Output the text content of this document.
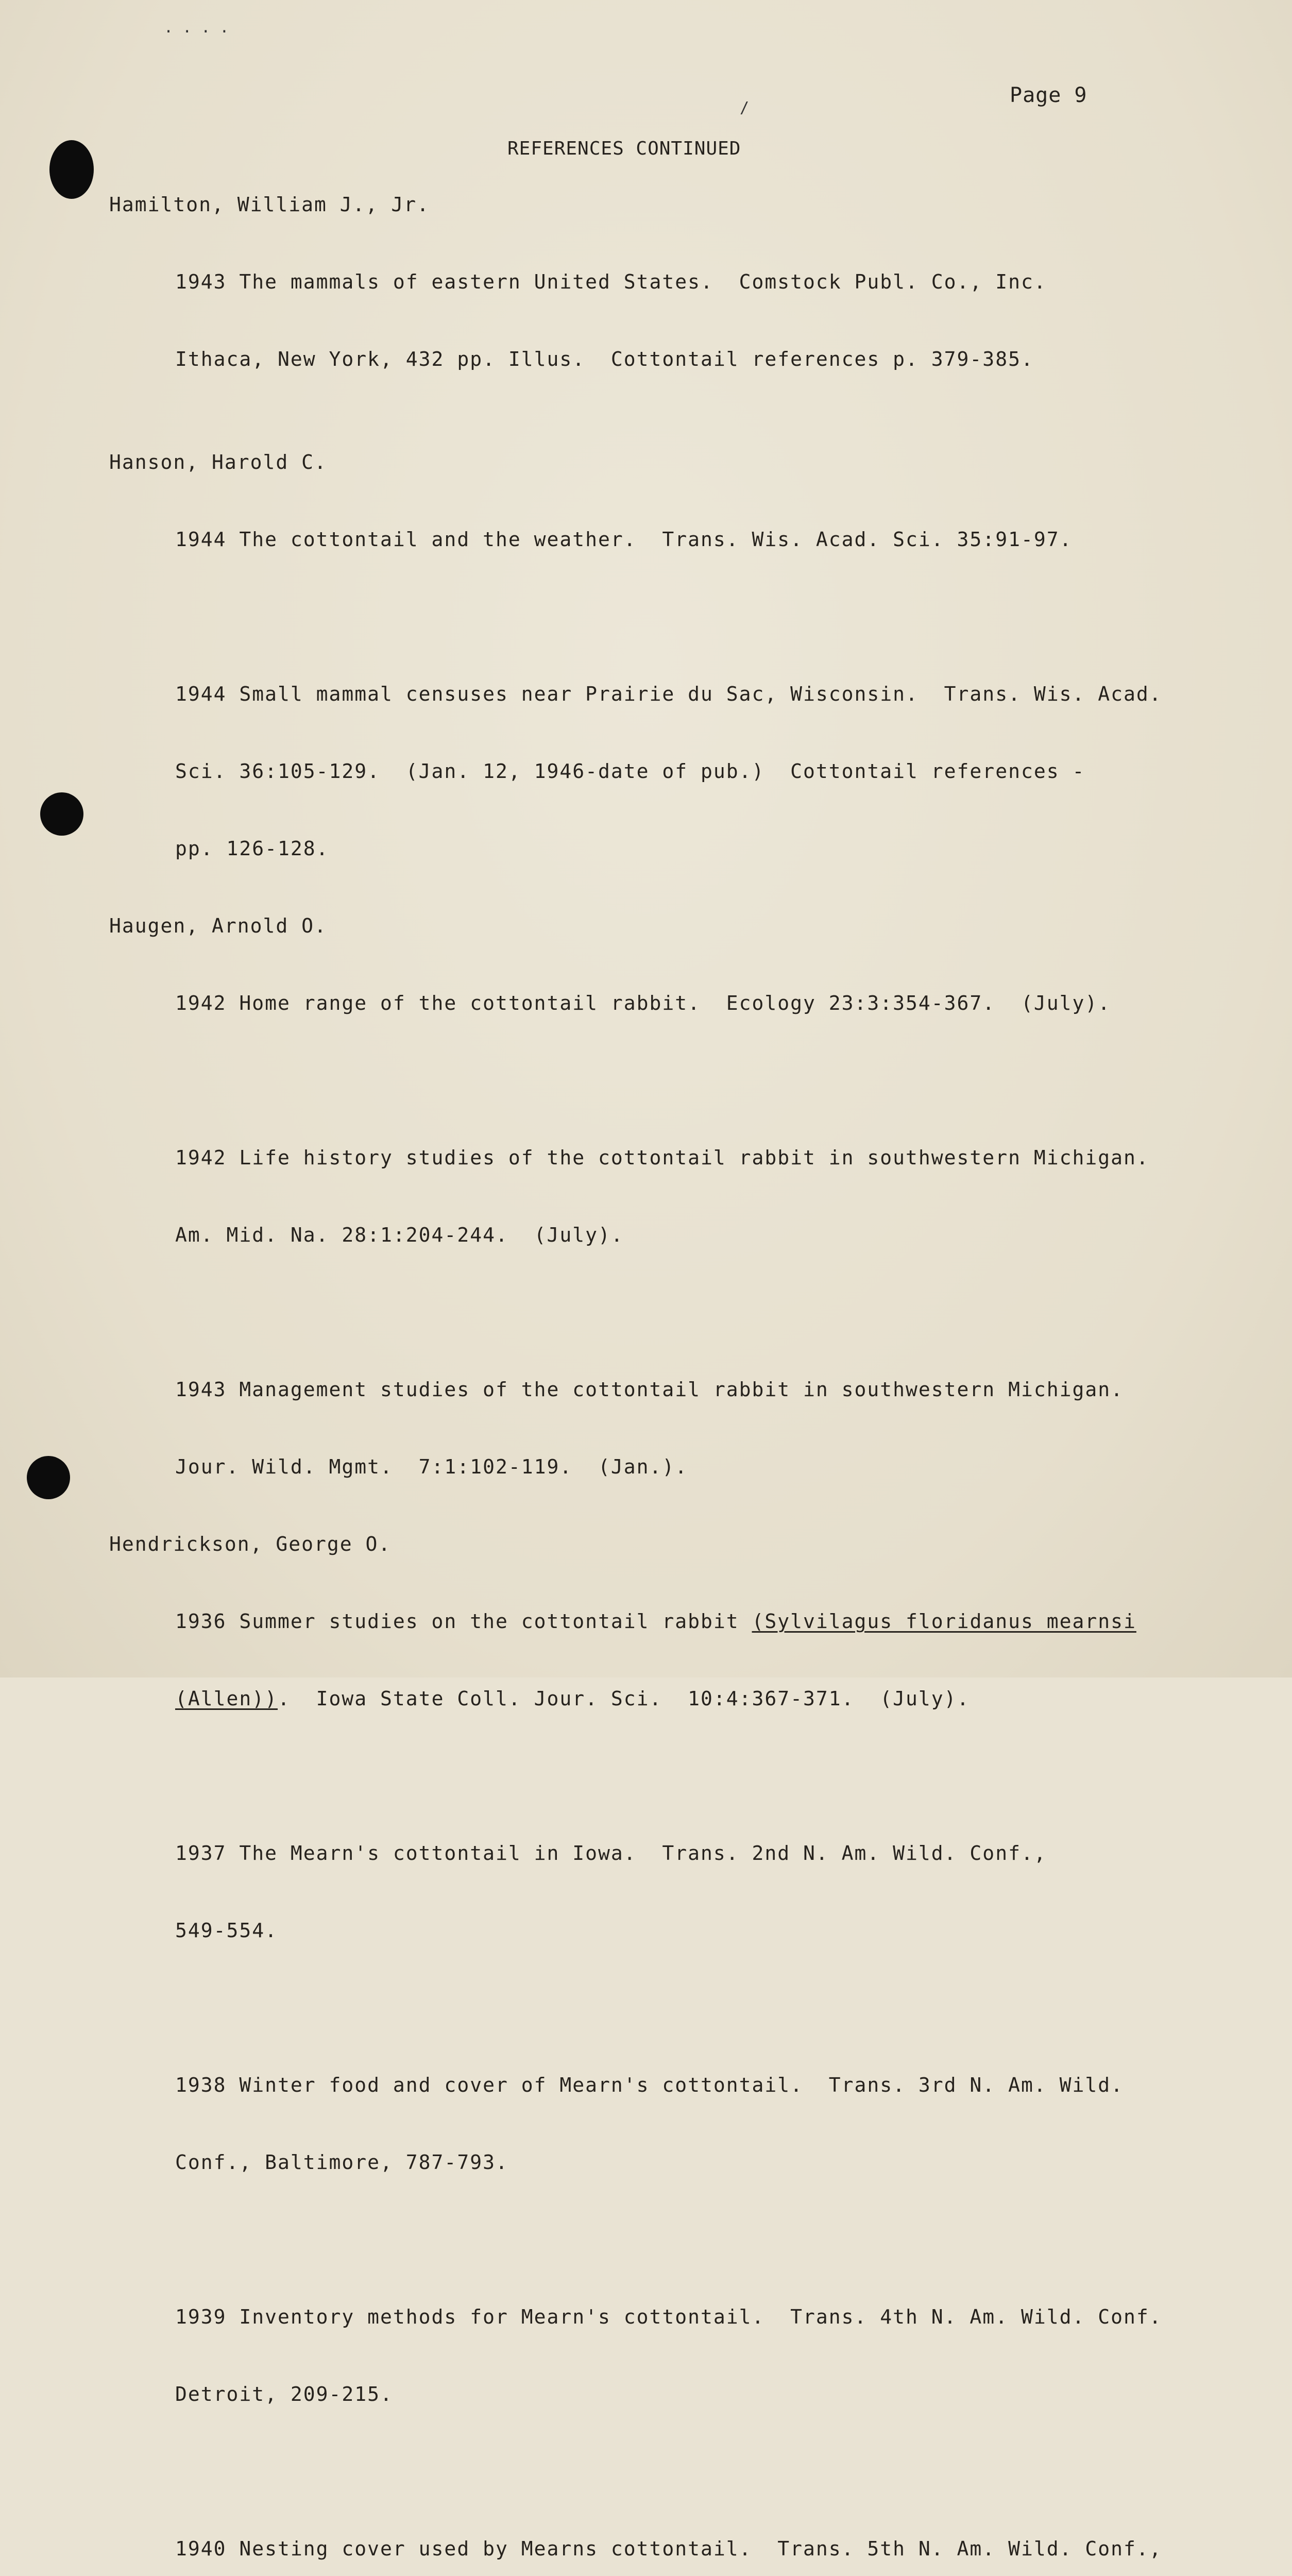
. . . .
/
Page 9
REFERENCES CONTINUED
Hamilton, William J., Jr.

1943 The mammals of eastern United States.  Comstock Publ. Co., Inc.

Ithaca, New York, 432 pp. Illus.  Cottontail references p. 379-385.

Hanson, Harold C.

1944 The cottontail and the weather.  Trans. Wis. Acad. Sci. 35:91-97.

1944 Small mammal censuses near Prairie du Sac, Wisconsin.  Trans. Wis. Acad.

Sci. 36:105-129.  (Jan. 12, 1946-date of pub.)  Cottontail references -

pp. 126-128.

Haugen, Arnold O.

1942 Home range of the cottontail rabbit.  Ecology 23:3:354-367.  (July).

1942 Life history studies of the cottontail rabbit in southwestern Michigan.

Am. Mid. Na. 28:1:204-244.  (July).

1943 Management studies of the cottontail rabbit in southwestern Michigan.

Jour. Wild. Mgmt.  7:1:102-119.  (Jan.).

Hendrickson, George O.

1936 Summer studies on the cottontail rabbit (Sylvilagus floridanus mearnsi

(Allen)).  Iowa State Coll. Jour. Sci.  10:4:367-371.  (July).

1937 The Mearn's cottontail in Iowa.  Trans. 2nd N. Am. Wild. Conf.,

549-554.

1938 Winter food and cover of Mearn's cottontail.  Trans. 3rd N. Am. Wild.

Conf., Baltimore, 787-793.

1939 Inventory methods for Mearn's cottontail.  Trans. 4th N. Am. Wild. Conf.

Detroit, 209-215.

1940 Nesting cover used by Mearns cottontail.  Trans. 5th N. Am. Wild. Conf.,
